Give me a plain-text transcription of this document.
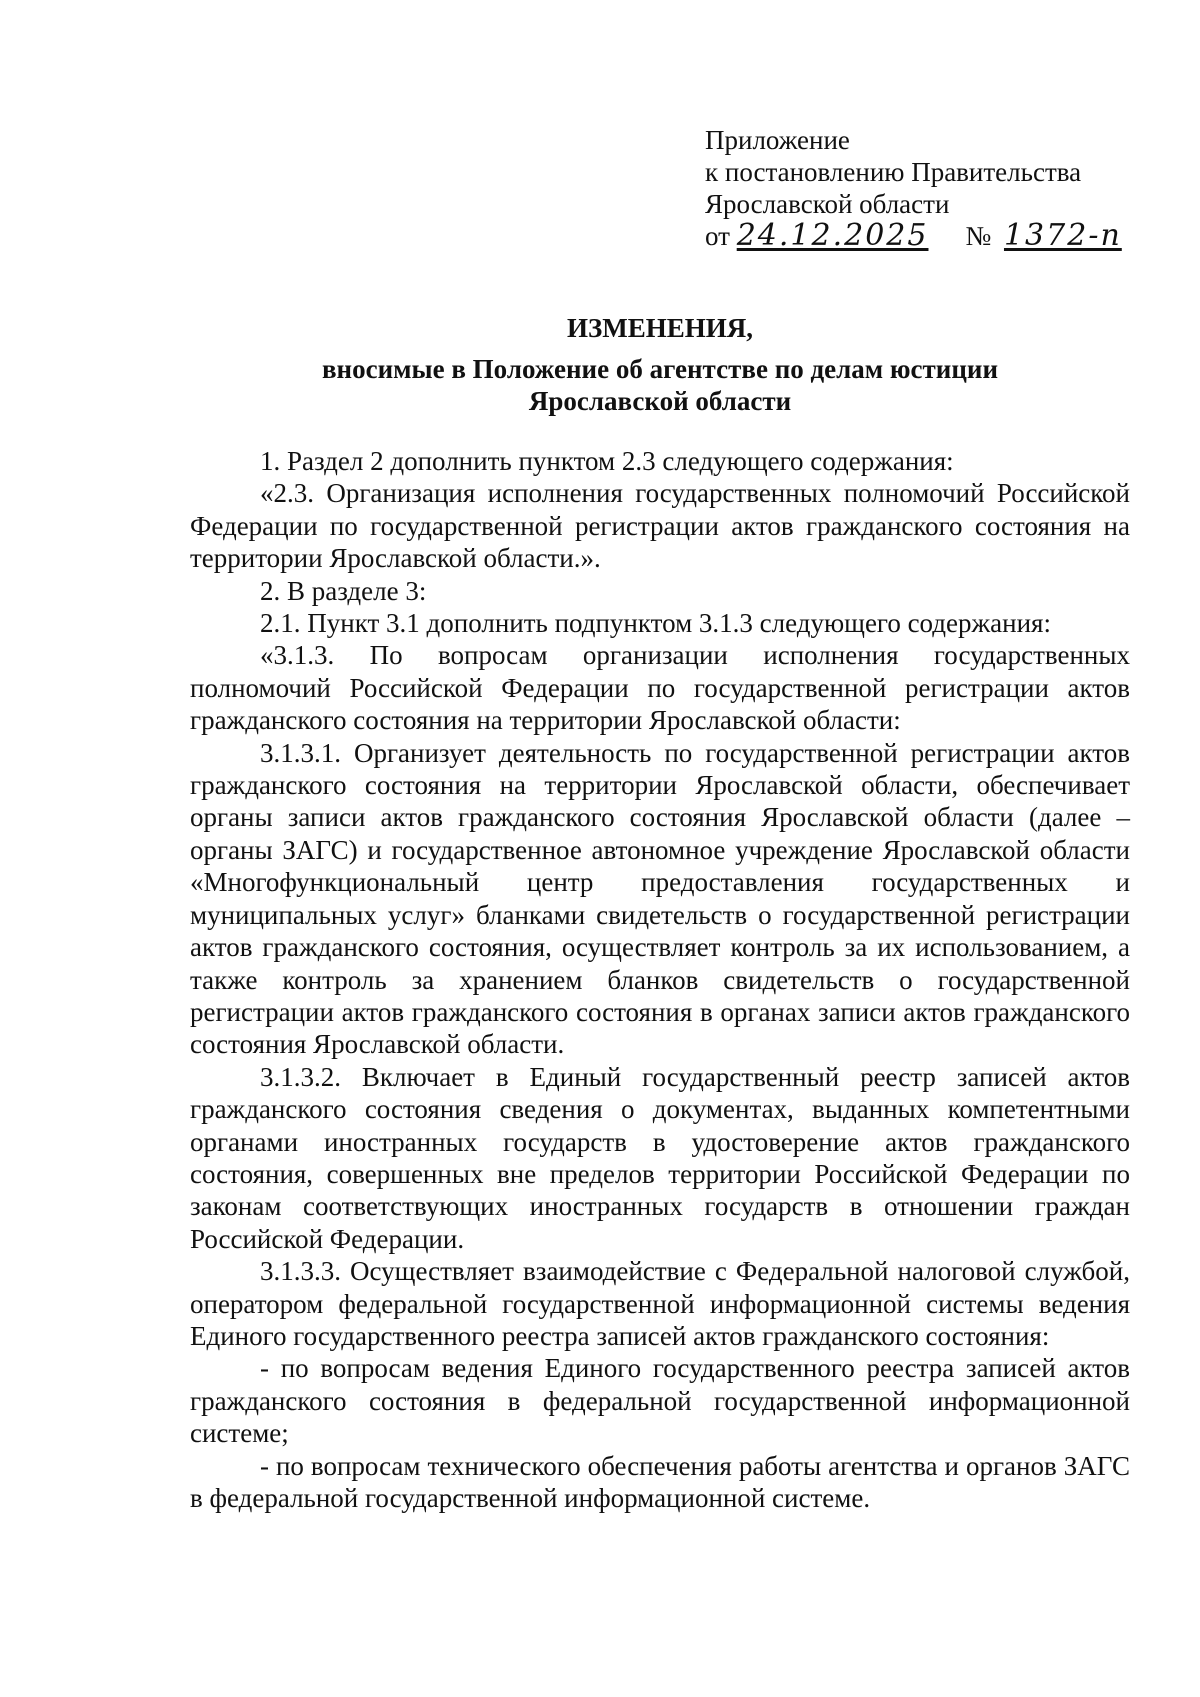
Приложение
к постановлению Правительства
Ярославской области
от 24.12.2025 № 1372-п
ИЗМЕНЕНИЯ,
вносимые в Положение об агентстве по делам юстиции
Ярославской области

1. Раздел 2 дополнить пунктом 2.3 следующего содержания:

«2.3. Организация исполнения государственных полномочий Российской Федерации по государственной регистрации актов гражданского состояния на территории Ярославской области.».

2. В разделе 3:

2.1. Пункт 3.1 дополнить подпунктом 3.1.3 следующего содержания:

«3.1.3. По вопросам организации исполнения государственных полномочий Российской Федерации по государственной регистрации актов гражданского состояния на территории Ярославской области:

3.1.3.1. Организует деятельность по государственной регистрации актов гражданского состояния на территории Ярославской области, обеспечивает органы записи актов гражданского состояния Ярославской области (далее – органы ЗАГС) и государственное автономное учреждение Ярославской области «Многофункциональный центр предоставления государственных и муниципальных услуг» бланками свидетельств о государственной регистрации актов гражданского состояния, осуществляет контроль за их использованием, а также контроль за хранением бланков свидетельств о государственной регистрации актов гражданского состояния в органах записи актов гражданского состояния Ярославской области.

3.1.3.2. Включает в Единый государственный реестр записей актов гражданского состояния сведения о документах, выданных компетентными органами иностранных государств в удостоверение актов гражданского состояния, совершенных вне пределов территории Российской Федерации по законам соответствующих иностранных государств в отношении граждан Российской Федерации.

3.1.3.3. Осуществляет взаимодействие с Федеральной налоговой службой, оператором федеральной государственной информационной системы ведения Единого государственного реестра записей актов гражданского состояния:

- по вопросам ведения Единого государственного реестра записей актов гражданского состояния в федеральной государственной информационной системе;

- по вопросам технического обеспечения работы агентства и органов ЗАГС в федеральной государственной информационной системе.
